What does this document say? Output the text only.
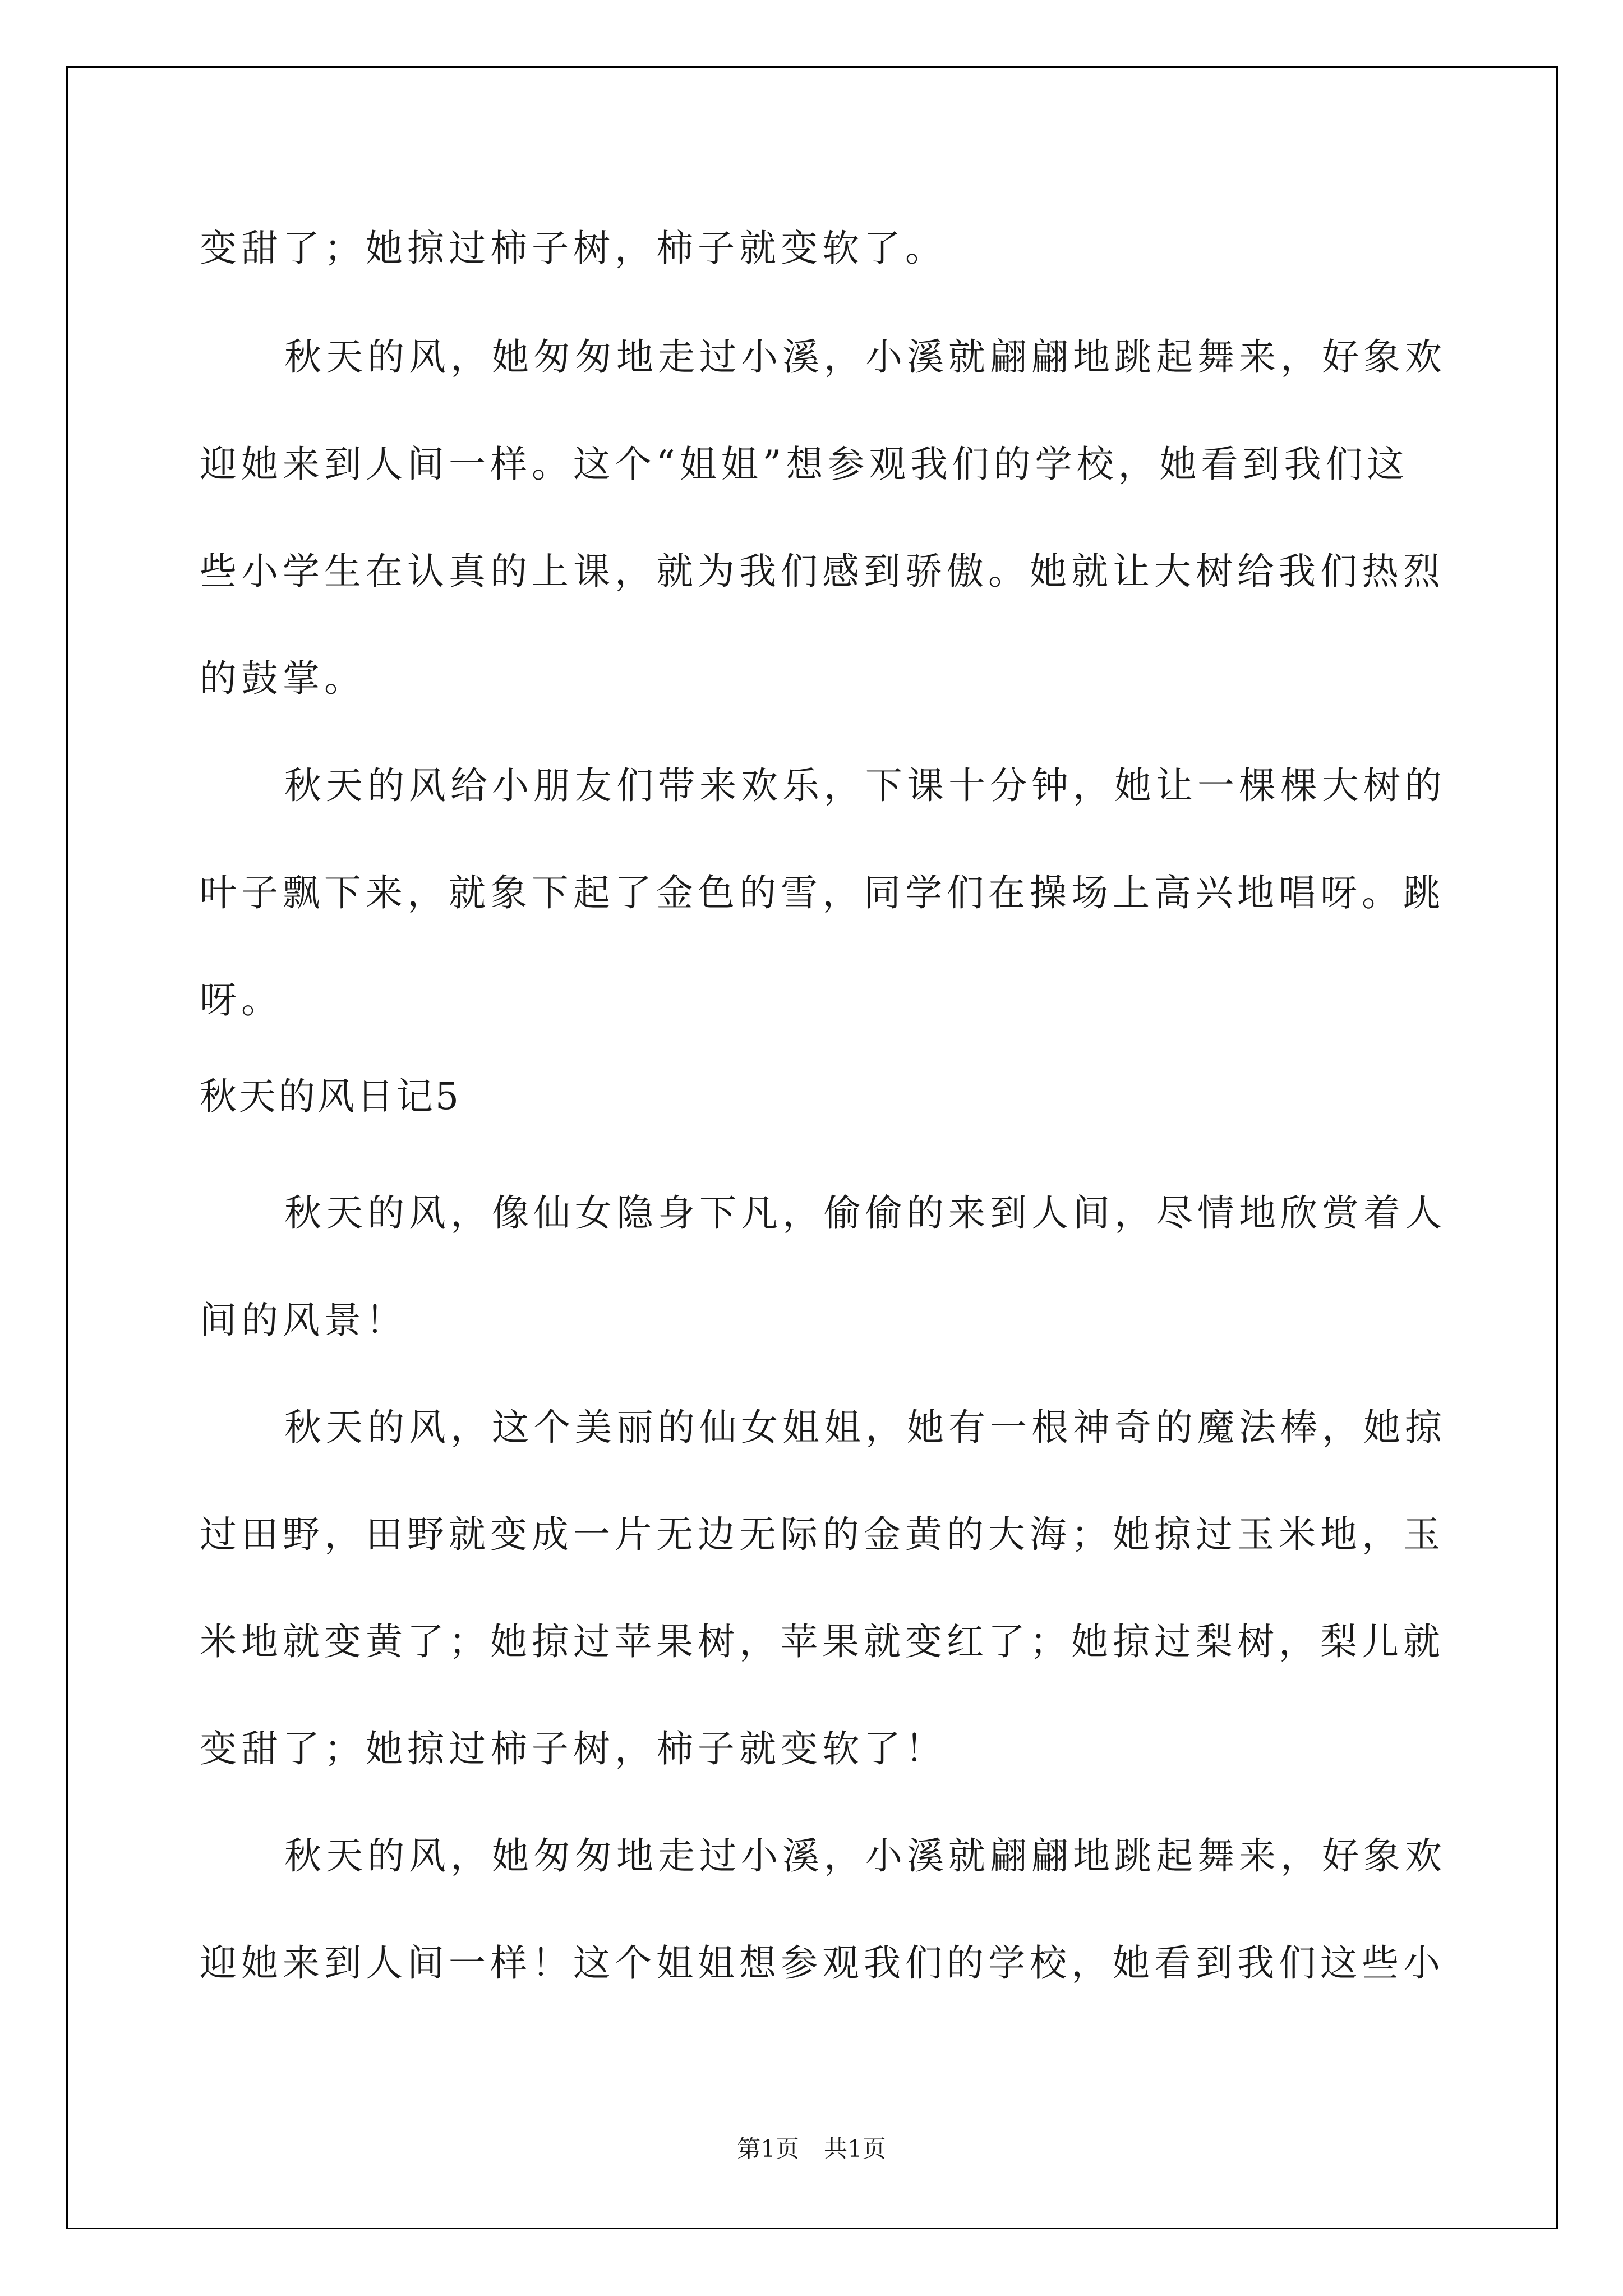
变甜了；她掠过柿子树，柿子就变软了。
秋天的风，她匆匆地走过小溪，小溪就翩翩地跳起舞来，好象欢
迎她来到人间一样。这个“姐姐”想参观我们的学校，她看到我们这
些小学生在认真的上课，就为我们感到骄傲。她就让大树给我们热烈
的鼓掌。
秋天的风给小朋友们带来欢乐，下课十分钟，她让一棵棵大树的
叶子飘下来，就象下起了金色的雪，同学们在操场上高兴地唱呀。跳
呀。
秋天的风日记5
秋天的风，像仙女隐身下凡，偷偷的来到人间，尽情地欣赏着人
间的风景！
秋天的风，这个美丽的仙女姐姐，她有一根神奇的魔法棒，她掠
过田野，田野就变成一片无边无际的金黄的大海；她掠过玉米地，玉
米地就变黄了；她掠过苹果树，苹果就变红了；她掠过梨树，梨儿就
变甜了；她掠过柿子树，柿子就变软了！
秋天的风，她匆匆地走过小溪，小溪就翩翩地跳起舞来，好象欢
迎她来到人间一样！这个姐姐想参观我们的学校，她看到我们这些小
第1页 共1页
